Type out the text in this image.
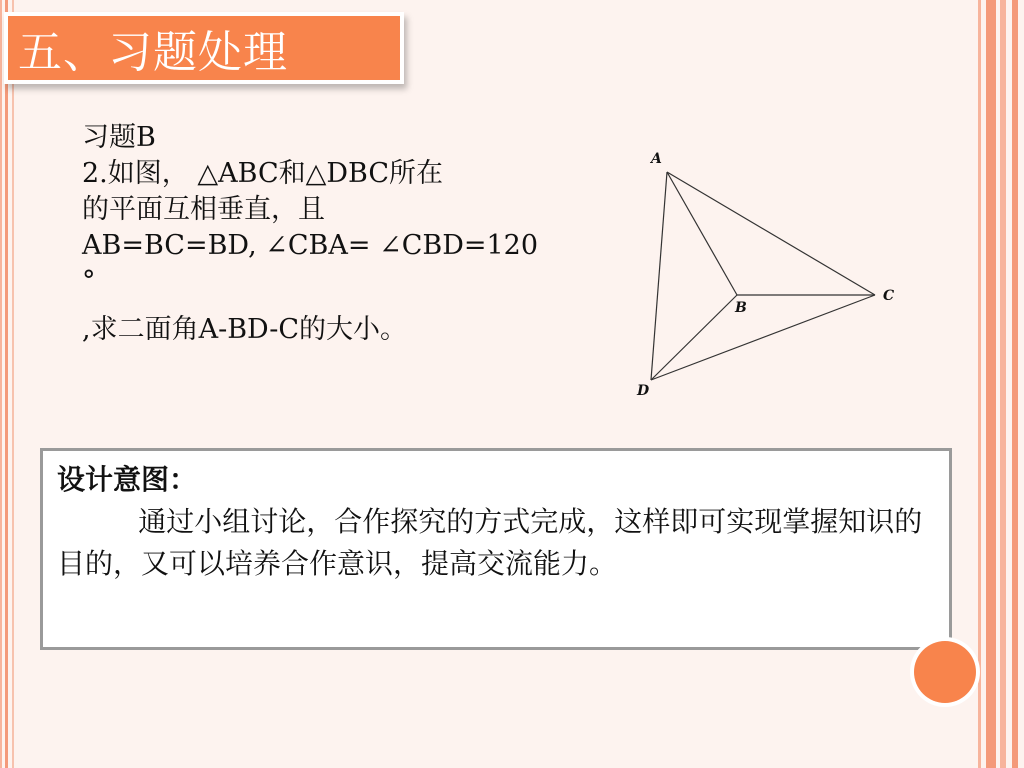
五、习题处理
习题B
2.如图， △ABC和△DBC所在
的平面互相垂直，且
AB=BC=BD, ∠CBA= ∠CBD=120
°
,求二面角A-BD-C的大小。
A
B
C
D
设计意图：
通过小组讨论，合作探究的方式完成，这样即可实现掌握知识的目的，又可以培养合作意识，提高交流能力。
